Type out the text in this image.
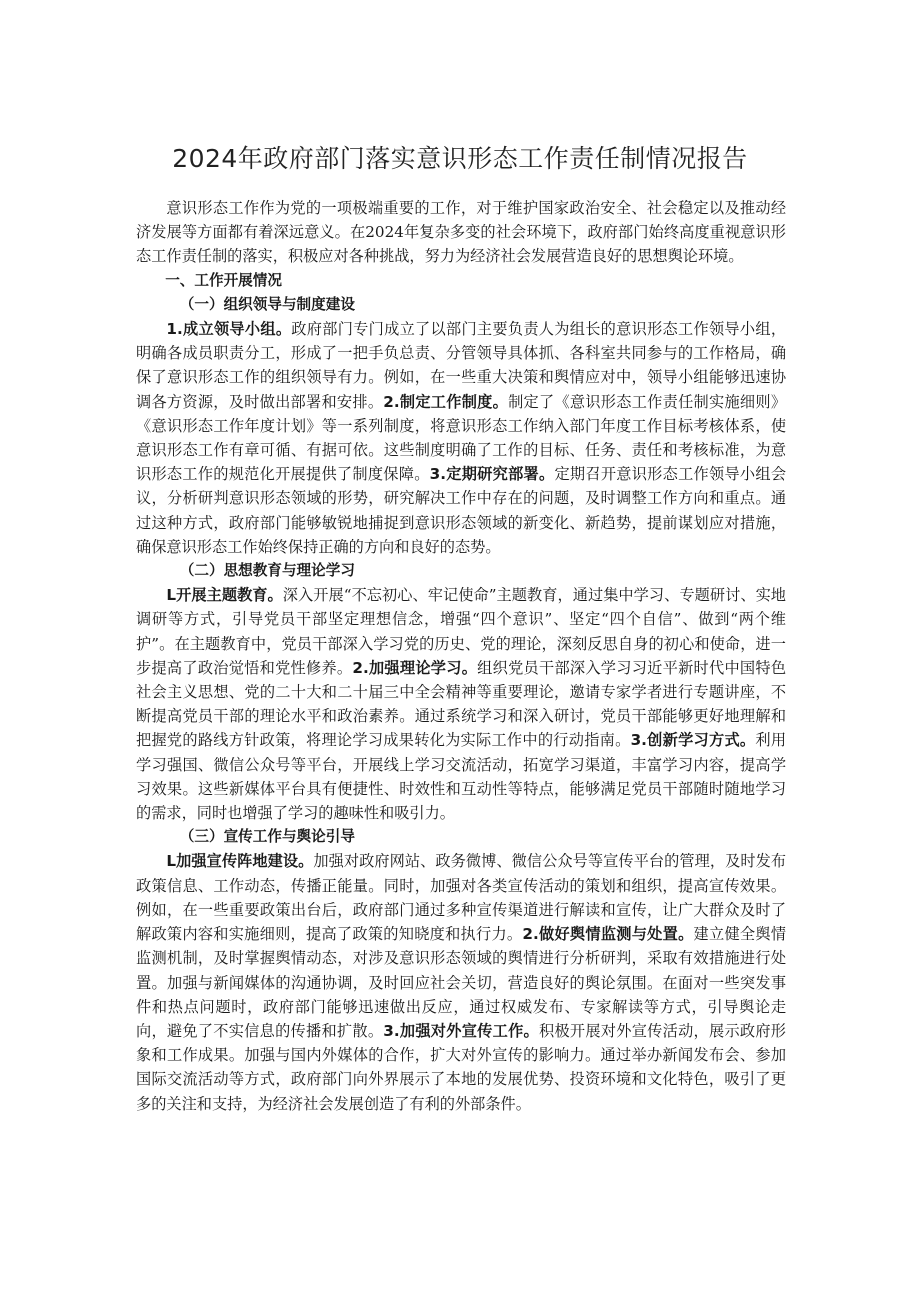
2024年政府部门落实意识形态工作责任制情况报告

意识形态工作作为党的一项极端重要的工作，对于维护国家政治安全、社会稳定以及推动经济发展等方面都有着深远意义。在2024年复杂多变的社会环境下，政府部门始终高度重视意识形态工作责任制的落实，积极应对各种挑战，努力为经济社会发展营造良好的思想舆论环境。

一、工作开展情况
（一）组织领导与制度建设

1.成立领导小组。政府部门专门成立了以部门主要负责人为组长的意识形态工作领导小组，明确各成员职责分工，形成了一把手负总责、分管领导具体抓、各科室共同参与的工作格局，确保了意识形态工作的组织领导有力。例如，在一些重大决策和舆情应对中，领导小组能够迅速协调各方资源，及时做出部署和安排。2.制定工作制度。制定了《意识形态工作责任制实施细则》《意识形态工作年度计划》等一系列制度，将意识形态工作纳入部门年度工作目标考核体系，使意识形态工作有章可循、有据可依。这些制度明确了工作的目标、任务、责任和考核标准，为意识形态工作的规范化开展提供了制度保障。3.定期研究部署。定期召开意识形态工作领导小组会议，分析研判意识形态领域的形势，研究解决工作中存在的问题，及时调整工作方向和重点。通过这种方式，政府部门能够敏锐地捕捉到意识形态领域的新变化、新趋势，提前谋划应对措施，确保意识形态工作始终保持正确的方向和良好的态势。

（二）思想教育与理论学习

L开展主题教育。深入开展“不忘初心、牢记使命”主题教育，通过集中学习、专题研讨、实地调研等方式，引导党员干部坚定理想信念，增强“四个意识”、坚定“四个自信”、做到“两个维护”。在主题教育中，党员干部深入学习党的历史、党的理论，深刻反思自身的初心和使命，进一步提高了政治觉悟和党性修养。2.加强理论学习。组织党员干部深入学习习近平新时代中国特色社会主义思想、党的二十大和二十届三中全会精神等重要理论，邀请专家学者进行专题讲座，不断提高党员干部的理论水平和政治素养。通过系统学习和深入研讨，党员干部能够更好地理解和把握党的路线方针政策，将理论学习成果转化为实际工作中的行动指南。3.创新学习方式。利用学习强国、微信公众号等平台，开展线上学习交流活动，拓宽学习渠道，丰富学习内容，提高学习效果。这些新媒体平台具有便捷性、时效性和互动性等特点，能够满足党员干部随时随地学习的需求，同时也增强了学习的趣味性和吸引力。

（三）宣传工作与舆论引导

L加强宣传阵地建设。加强对政府网站、政务微博、微信公众号等宣传平台的管理，及时发布政策信息、工作动态，传播正能量。同时，加强对各类宣传活动的策划和组织，提高宣传效果。例如，在一些重要政策出台后，政府部门通过多种宣传渠道进行解读和宣传，让广大群众及时了解政策内容和实施细则，提高了政策的知晓度和执行力。2.做好舆情监测与处置。建立健全舆情监测机制，及时掌握舆情动态，对涉及意识形态领域的舆情进行分析研判，采取有效措施进行处置。加强与新闻媒体的沟通协调，及时回应社会关切，营造良好的舆论氛围。在面对一些突发事件和热点问题时，政府部门能够迅速做出反应，通过权威发布、专家解读等方式，引导舆论走向，避免了不实信息的传播和扩散。3.加强对外宣传工作。积极开展对外宣传活动，展示政府形象和工作成果。加强与国内外媒体的合作，扩大对外宣传的影响力。通过举办新闻发布会、参加国际交流活动等方式，政府部门向外界展示了本地的发展优势、投资环境和文化特色，吸引了更多的关注和支持，为经济社会发展创造了有利的外部条件。
